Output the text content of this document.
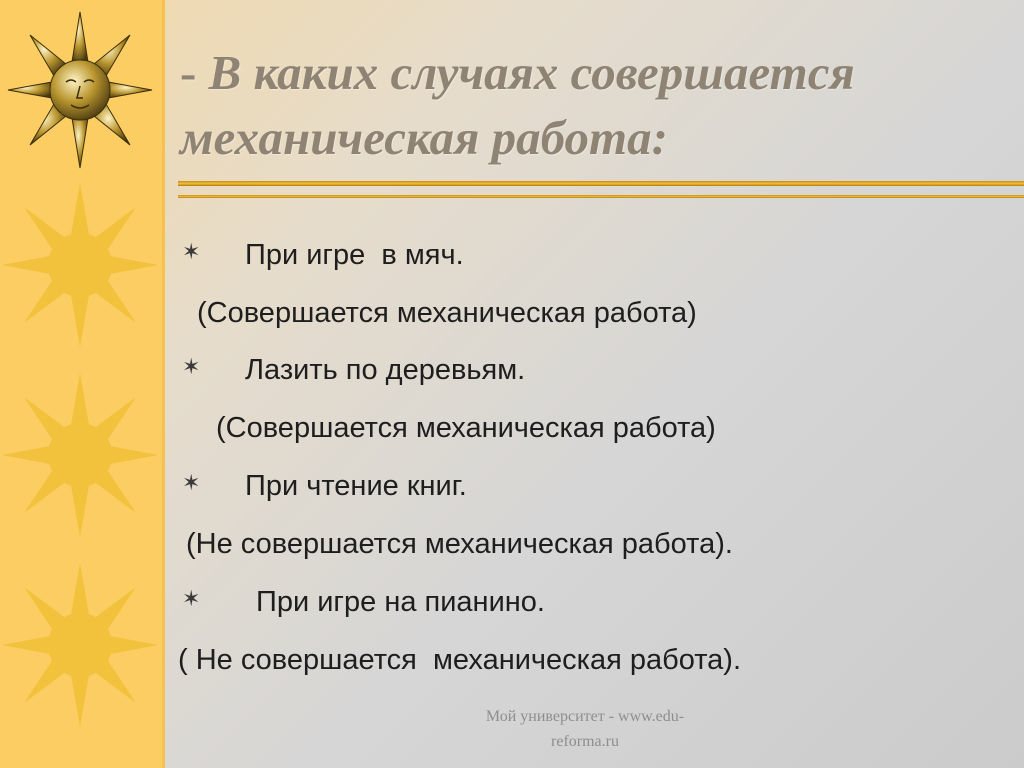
- В каких случаях совершается механическая работа:
✶ При игре  в мяч.
(Совершается механическая работа)
✶ Лазить по деревьям.
(Совершается механическая работа)
✶ При чтение книг.
(Не совершается механическая работа).
✶ При игре на пианино.
( Не совершается  механическая работа).
Мой университет - www.edu-
reforma.ru
